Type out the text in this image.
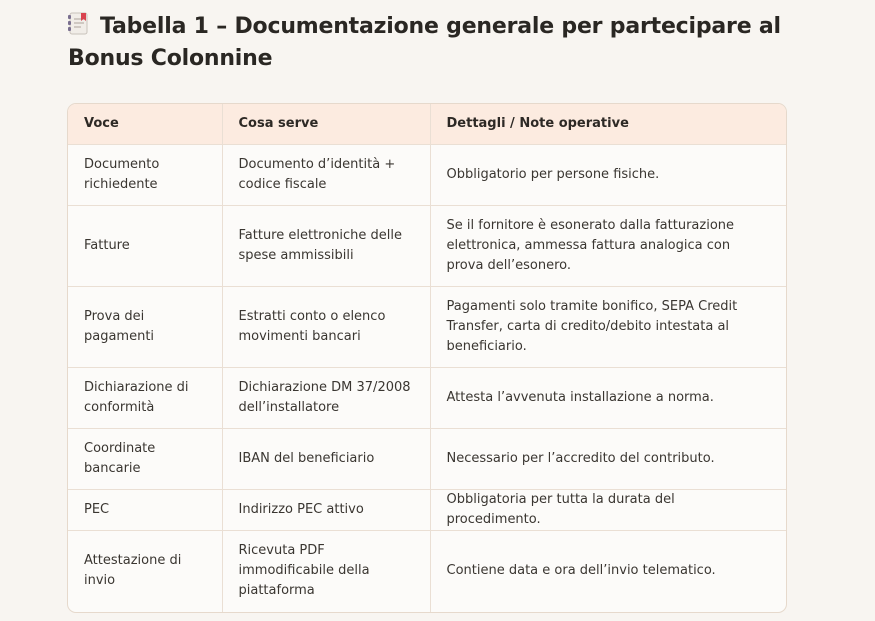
Tabella 1 – Documentazione generale per partecipare al Bonus Colonnine
Voce	Cosa serve	Dettagli / Note operative
Documento richiedente	Documento d’identità + codice fiscale	Obbligatorio per persone fisiche.
Fatture	Fatture elettroniche delle spese ammissibili	Se il fornitore è esonerato dalla fatturazione elettronica, ammessa fattura analogica con prova dell’esonero.
Prova dei pagamenti	Estratti conto o elenco movimenti bancari	Pagamenti solo tramite bonifico, SEPA Credit Transfer, carta di credito/debito intestata al beneficiario.
Dichiarazione di conformità	Dichiarazione DM 37/2008 dell’installatore	Attesta l’avvenuta installazione a norma.
Coordinate bancarie	IBAN del beneficiario	Necessario per l’accredito del contributo.
PEC	Indirizzo PEC attivo	Obbligatoria per tutta la durata del procedimento.
Attestazione di invio	Ricevuta PDF immodificabile della piattaforma	Contiene data e ora dell’invio telematico.
